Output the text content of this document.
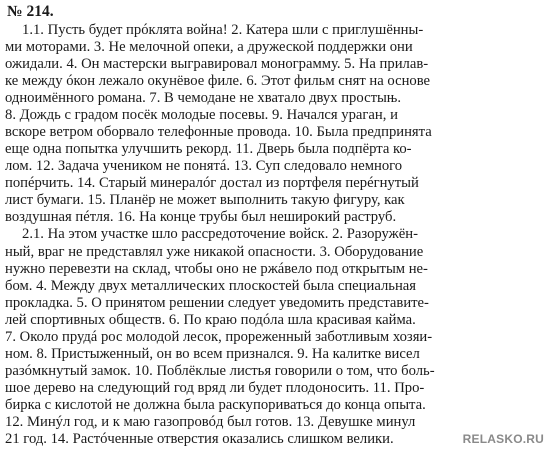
№ 214.
1.1. Пусть будет прóклята война! 2. Катера шли с приглушённы-
ми моторами. 3. Не мелочной опеки, а дружеской поддержки они
ожидали. 4. Он мастерски выгравировал монограмму. 5. На прилав-
ке между óкон лежало окунёвое филе. 6. Этот фильм снят на основе
одноимённого романа. 7. В чемодане не хватало двух простыњ.
8. Дождь с градом посёк молодые посевы. 9. Начался ураган, и
вскоре ветром оборвало телефонные провода. 10. Была предпринята
еще одна попытка улучшить рекорд. 11. Дверь была подпёрта ко-
лом. 12. Задача учеником не понятá. 13. Суп следовало немного
попéрчить. 14. Старый минералóг достал из портфеля перéгнутый
лист бумаги. 15. Планёр не может выполнить такую фигуру, как
воздушная пéтля. 16. На конце трубы был неширокий раструб.
2.1. На этом участке шло рассредоточение войск. 2. Разоружён-
ный, враг не представлял уже никакой опасности. 3. Оборудование
нужно перевезти на склад, чтобы оно не ржáвело под открытым не-
бом. 4. Между двух металлических плоскостей была специальная
прокладка. 5. О принятом решении следует уведомить представите-
лей спортивных обществ. 6. По краю подóла шла красивая кайма.
7. Около прудá рос молодой лесок, прореженный заботливым хозяи-
ном. 8. Пристыженный, он во всем признался. 9. На калитке висел
разóмкнутый замок. 10. Поблёклые листья говорили о том, что боль-
шое дерево на следующий год вряд ли будет плодоносить. 11. Про-
бирка с кислотой не должна была раскупориваться до конца опыта.
12. Минýл год, и к маю газопровóд был готов. 13. Девушке минул
21 год. 14. Растóченные отверстия оказались слишком велики.	RELASKO.RU
